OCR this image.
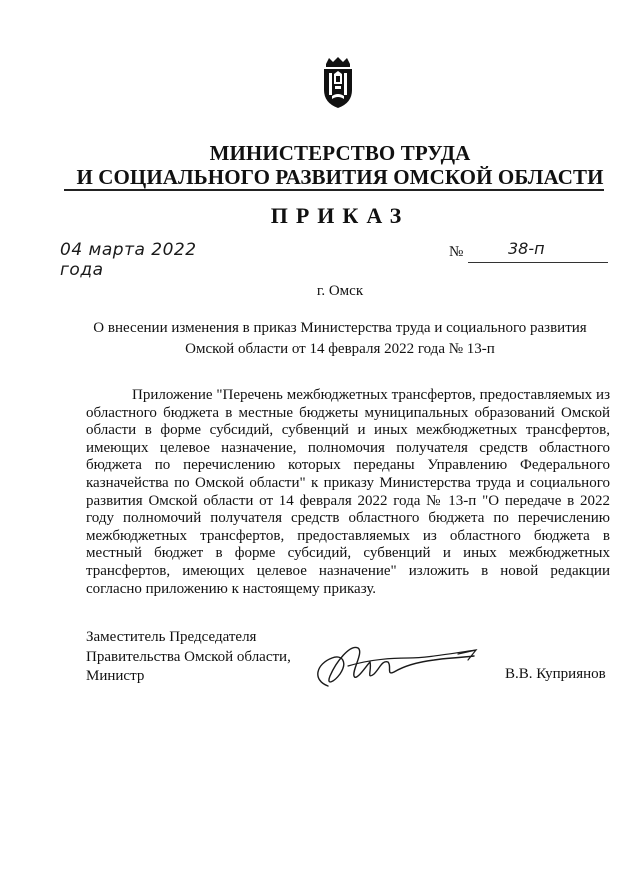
МИНИСТЕРСТВО ТРУДА
И СОЦИАЛЬНОГО РАЗВИТИЯ ОМСКОЙ ОБЛАСТИ
ПРИКАЗ
04 марта 2022 года
№	38-п
г. Омск
О внесении изменения в приказ Министерства труда и социального развития
Омской области от 14 февраля 2022 года № 13-п

Приложение "Перечень межбюджетных трансфертов, предоставляемых из областного бюджета в местные бюджеты муниципальных образований Омской области в форме субсидий, субвенций и иных межбюджетных трансфертов, имеющих целевое назначение, полномочия получателя средств областного бюджета по перечислению которых переданы Управлению Федерального казначейства по Омской области" к приказу Министерства труда и социального развития Омской области от 14 февраля 2022 года № 13-п "О передаче в 2022 году полномочий получателя средств областного бюджета по перечислению межбюджетных трансфертов, предоставляемых из областного бюджета в местный бюджет в форме субсидий, субвенций и иных межбюджетных трансфертов, имеющих целевое назначение" изложить в новой редакции согласно приложению к настоящему приказу.

Заместитель Председателя
Правительства Омской области,
Министр	В.В. Куприянов
